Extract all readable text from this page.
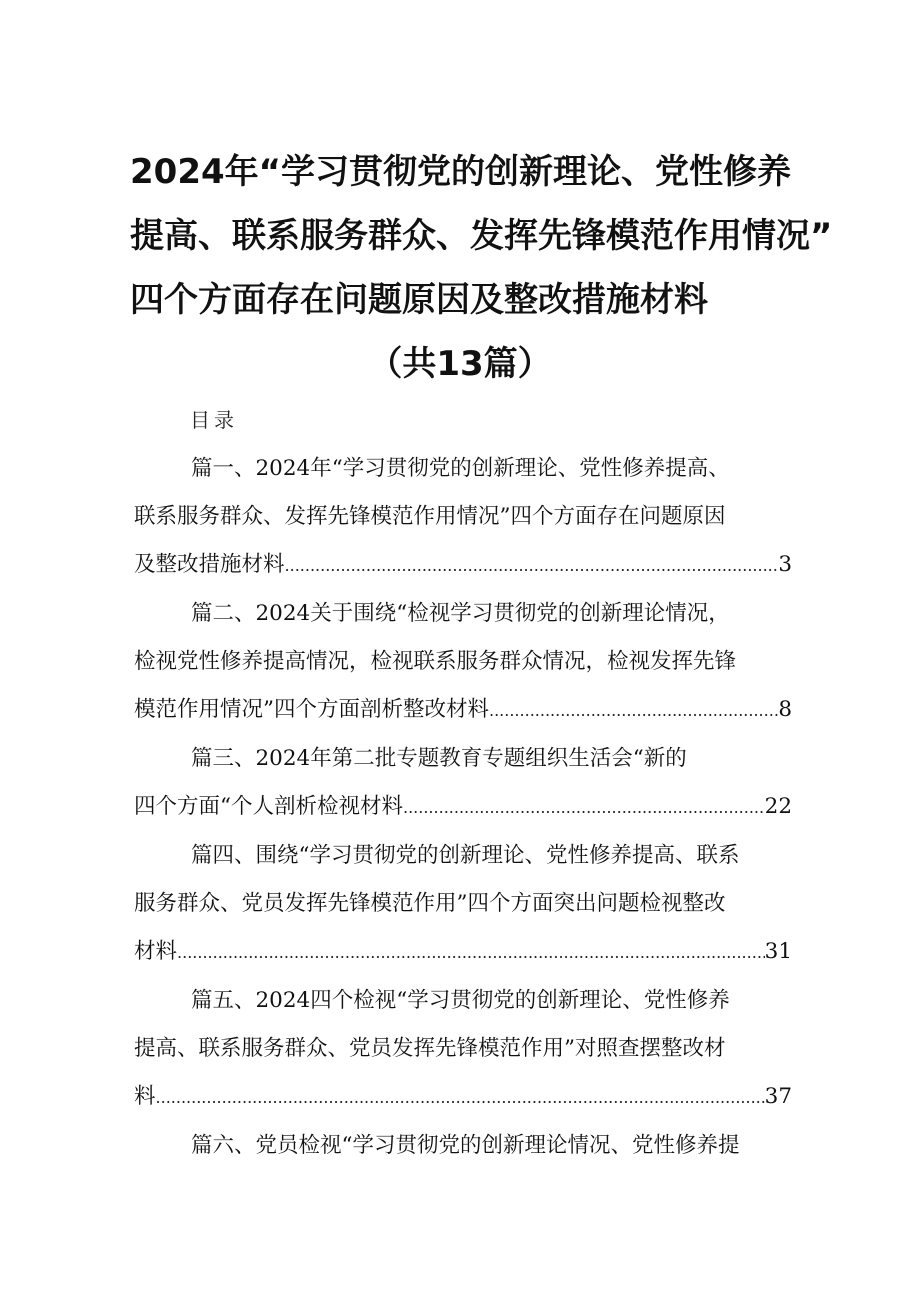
2024年“学习贯彻党的创新理论、党性修养
提高、联系服务群众、发挥先锋模范作用情况”
四个方面存在问题原因及整改措施材料
（共13篇）
目录
篇一、2024年“学习贯彻党的创新理论、党性修养提高、
联系服务群众、发挥先锋模范作用情况”四个方面存在问题原因
及整改措施材料 .....	3
篇二、2024关于围绕“检视学习贯彻党的创新理论情况，
检视党性修养提高情况，检视联系服务群众情况，检视发挥先锋
模范作用情况”四个方面剖析整改材料 .....	8
篇三、2024年第二批专题教育专题组织生活会“新的
四个方面“个人剖析检视材料 .....	22
篇四、围绕“学习贯彻党的创新理论、党性修养提高、联系
服务群众、党员发挥先锋模范作用”四个方面突出问题检视整改
材料 .....	31
篇五、2024四个检视“学习贯彻党的创新理论、党性修养
提高、联系服务群众、党员发挥先锋模范作用”对照查摆整改材
料 .....	37
篇六、党员检视“学习贯彻党的创新理论情况、党性修养提
